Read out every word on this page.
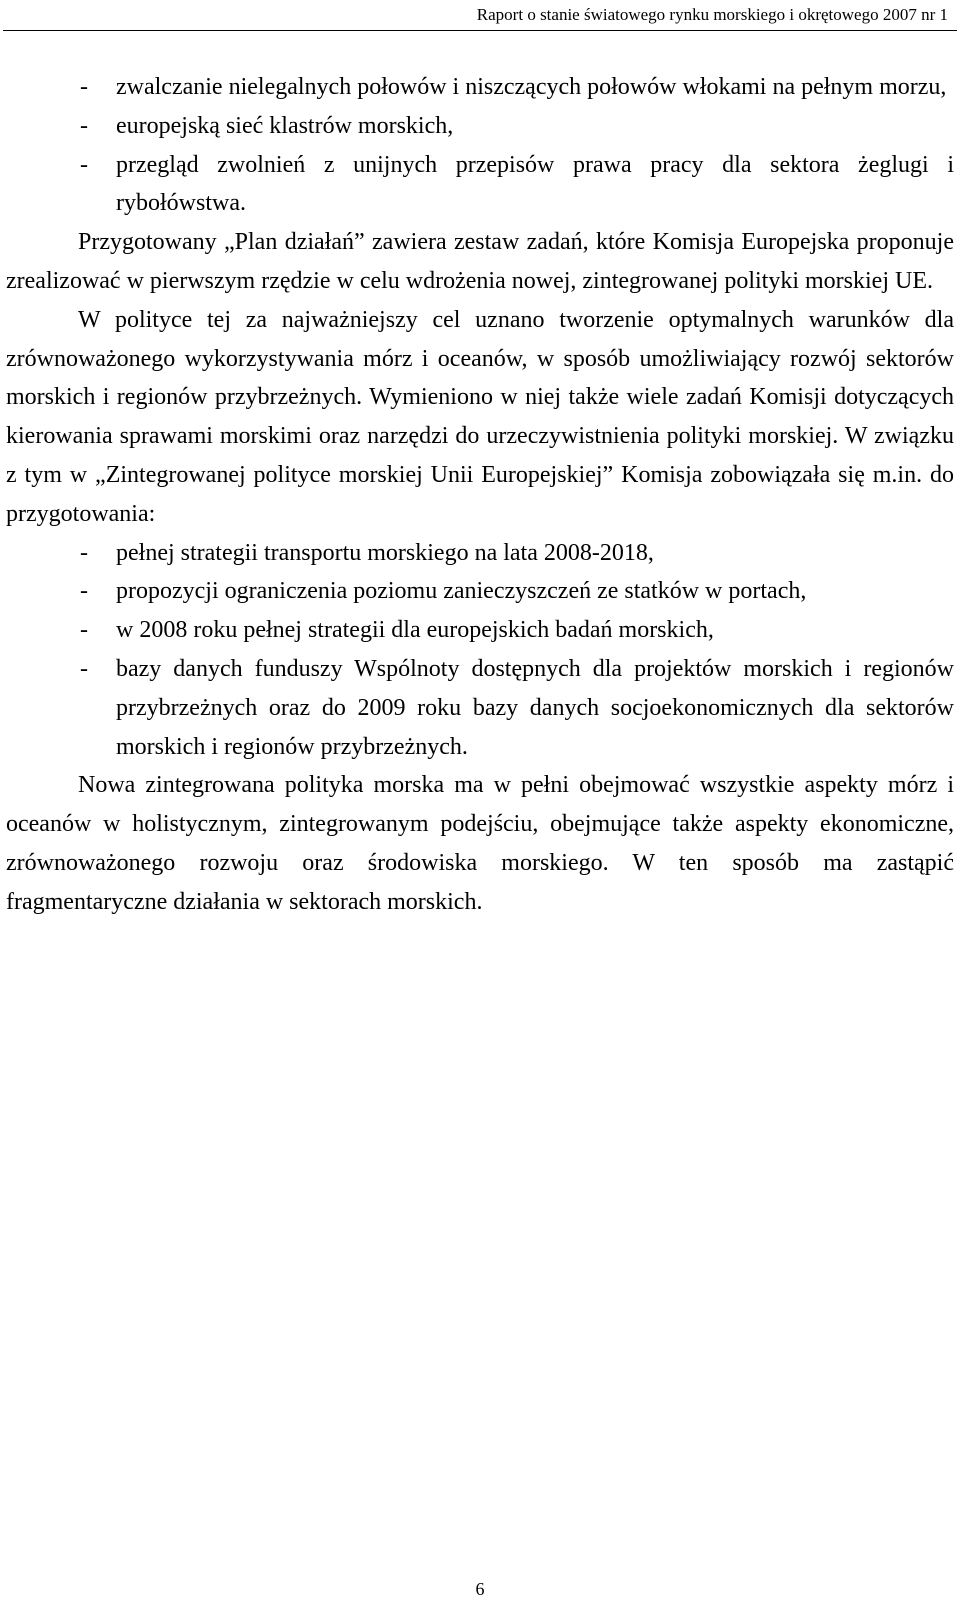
Raport o stanie światowego rynku morskiego i okrętowego 2007 nr 1
- zwalczanie nielegalnych połowów i niszczących połowów włokami na pełnym morzu,
- europejską sieć klastrów morskich,
- przegląd zwolnień z unijnych przepisów prawa pracy dla sektora żeglugi i rybołówstwa.
Przygotowany „Plan działań” zawiera zestaw zadań, które Komisja Europejska proponuje zrealizować w pierwszym rzędzie w celu wdrożenia nowej, zintegrowanej polityki morskiej UE.
W polityce tej za najważniejszy cel uznano tworzenie optymalnych warunków dla zrównoważonego wykorzystywania mórz i oceanów, w sposób umożliwiający rozwój sektorów morskich i regionów przybrzeżnych. Wymieniono w niej także wiele zadań Komisji dotyczących kierowania sprawami morskimi oraz narzędzi do urzeczywistnienia polityki morskiej. W związku z tym w „Zintegrowanej polityce morskiej Unii Europejskiej” Komisja zobowiązała się m.in. do przygotowania:
- pełnej strategii transportu morskiego na lata 2008-2018,
- propozycji ograniczenia poziomu zanieczyszczeń ze statków w portach,
- w 2008 roku pełnej strategii dla europejskich badań morskich,
- bazy danych funduszy Wspólnoty dostępnych dla projektów morskich i regionów przybrzeżnych oraz do 2009 roku bazy danych socjoekonomicznych dla sektorów morskich i regionów przybrzeżnych.
Nowa zintegrowana polityka morska ma w pełni obejmować wszystkie aspekty mórz i oceanów w holistycznym, zintegrowanym podejściu, obejmujące także aspekty ekonomiczne, zrównoważonego rozwoju oraz środowiska morskiego. W ten sposób ma zastąpić fragmentaryczne działania w sektorach morskich.
6
